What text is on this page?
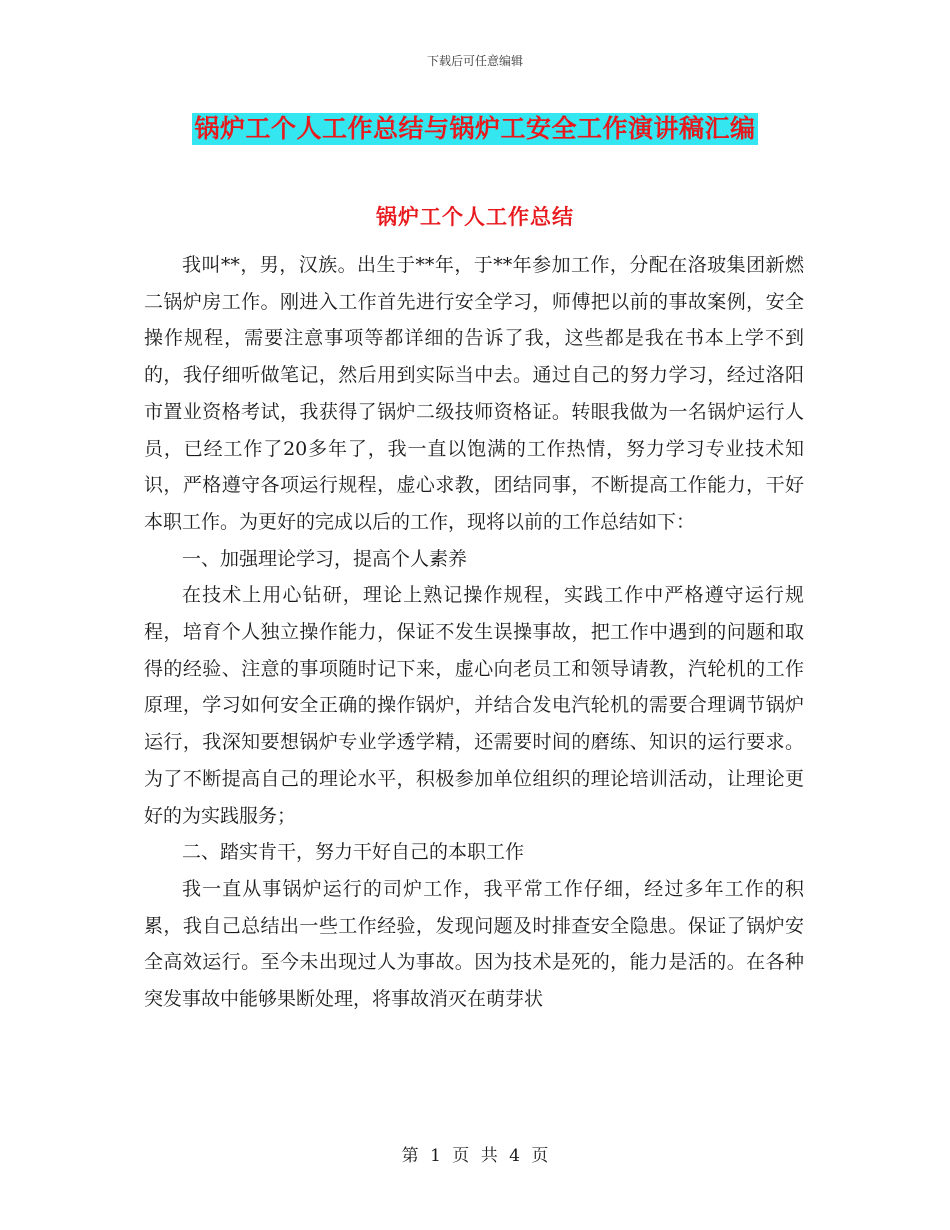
下载后可任意编辑
锅炉工个人工作总结与锅炉工安全工作演讲稿汇编
锅炉工个人工作总结

我叫**，男，汉族。出生于**年，于**年参加工作，分配在洛玻集团新燃二锅炉房工作。刚进入工作首先进行安全学习，师傅把以前的事故案例，安全操作规程，需要注意事项等都详细的告诉了我，这些都是我在书本上学不到的，我仔细听做笔记，然后用到实际当中去。通过自己的努力学习，经过洛阳市置业资格考试，我获得了锅炉二级技师资格证。转眼我做为一名锅炉运行人员，已经工作了20多年了，我一直以饱满的工作热情，努力学习专业技术知识，严格遵守各项运行规程，虚心求教，团结同事，不断提高工作能力，干好本职工作。为更好的完成以后的工作，现将以前的工作总结如下：

一、加强理论学习，提高个人素养

在技术上用心钻研，理论上熟记操作规程，实践工作中严格遵守运行规程，培育个人独立操作能力，保证不发生误操事故，把工作中遇到的问题和取得的经验、注意的事项随时记下来，虚心向老员工和领导请教，汽轮机的工作原理，学习如何安全正确的操作锅炉，并结合发电汽轮机的需要合理调节锅炉运行，我深知要想锅炉专业学透学精，还需要时间的磨练、知识的运行要求。为了不断提高自己的理论水平，积极参加单位组织的理论培训活动，让理论更好的为实践服务；

二、踏实肯干，努力干好自己的本职工作

我一直从事锅炉运行的司炉工作，我平常工作仔细，经过多年工作的积累，我自己总结出一些工作经验，发现问题及时排查安全隐患。保证了锅炉安全高效运行。至今未出现过人为事故。因为技术是死的，能力是活的。在各种突发事故中能够果断处理，将事故消灭在萌芽状

第 1 页 共 4 页
